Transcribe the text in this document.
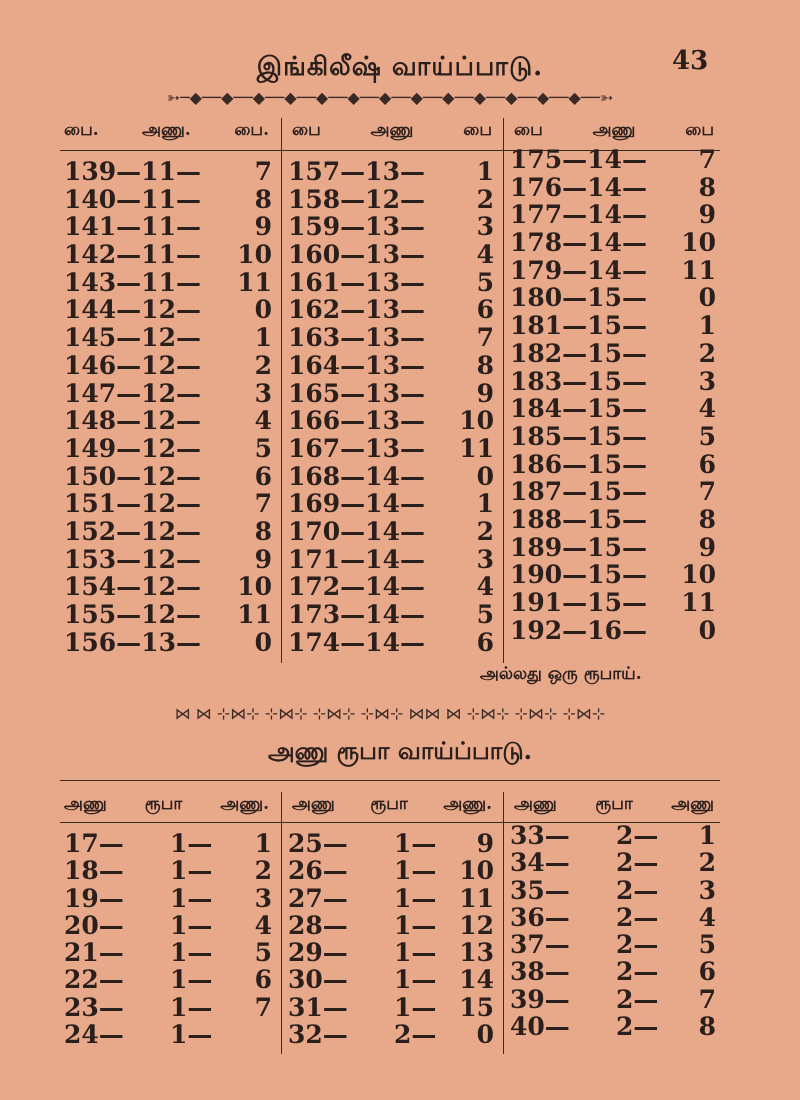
இங்கிலீஷ் வாய்ப்பாடு.	43
➳─◆──◆──◆──◆──◆──◆──◆──◆──◆──◆──◆──◆──◆──➳
பை.	அணு.	பை. பை	அணு	பை பை	அணு	பை
139—11— 7
140—11— 8
141—11— 9
142—11— 10
143—11— 11
144—12— 0
145—12— 1
146—12— 2
147—12— 3
148—12— 4
149—12— 5
150—12— 6
151—12— 7
152—12— 8
153—12— 9
154—12— 10
155—12— 11
156—13— 0
157—13— 1
158—12— 2
159—13— 3
160—13— 4
161—13— 5
162—13— 6
163—13— 7
164—13— 8
165—13— 9
166—13— 10
167—13— 11
168—14— 0
169—14— 1
170—14— 2
171—14— 3
172—14— 4
173—14— 5
174—14— 6
175—14— 7
176—14— 8
177—14— 9
178—14— 10
179—14— 11
180—15— 0
181—15— 1
182—15— 2
183—15— 3
184—15— 4
185—15— 5
186—15— 6
187—15— 7
188—15— 8
189—15— 9
190—15— 10
191—15— 11
192—16— 0
அல்லது ஒரு ரூபாய்.
⋈ ⋈ ⊹⋈⊹ ⊹⋈⊹ ⊹⋈⊹ ⊹⋈⊹ ⋈⋈ ⋈ ⊹⋈⊹ ⊹⋈⊹ ⊹⋈⊹
அணு ரூபா வாய்ப்பாடு.
அணு ரூபா அணு. அணு ரூபா அணு. அணு ரூபா அணு
17— 1— 1
18— 1— 2
19— 1— 3
20— 1— 4
21— 1— 5
22— 1— 6
23— 1— 7
24— 1—
25— 1— 9
26— 1— 10
27— 1— 11
28— 1— 12
29— 1— 13
30— 1— 14
31— 1— 15
32— 2— 0
33— 2— 1
34— 2— 2
35— 2— 3
36— 2— 4
37— 2— 5
38— 2— 6
39— 2— 7
40— 2— 8
